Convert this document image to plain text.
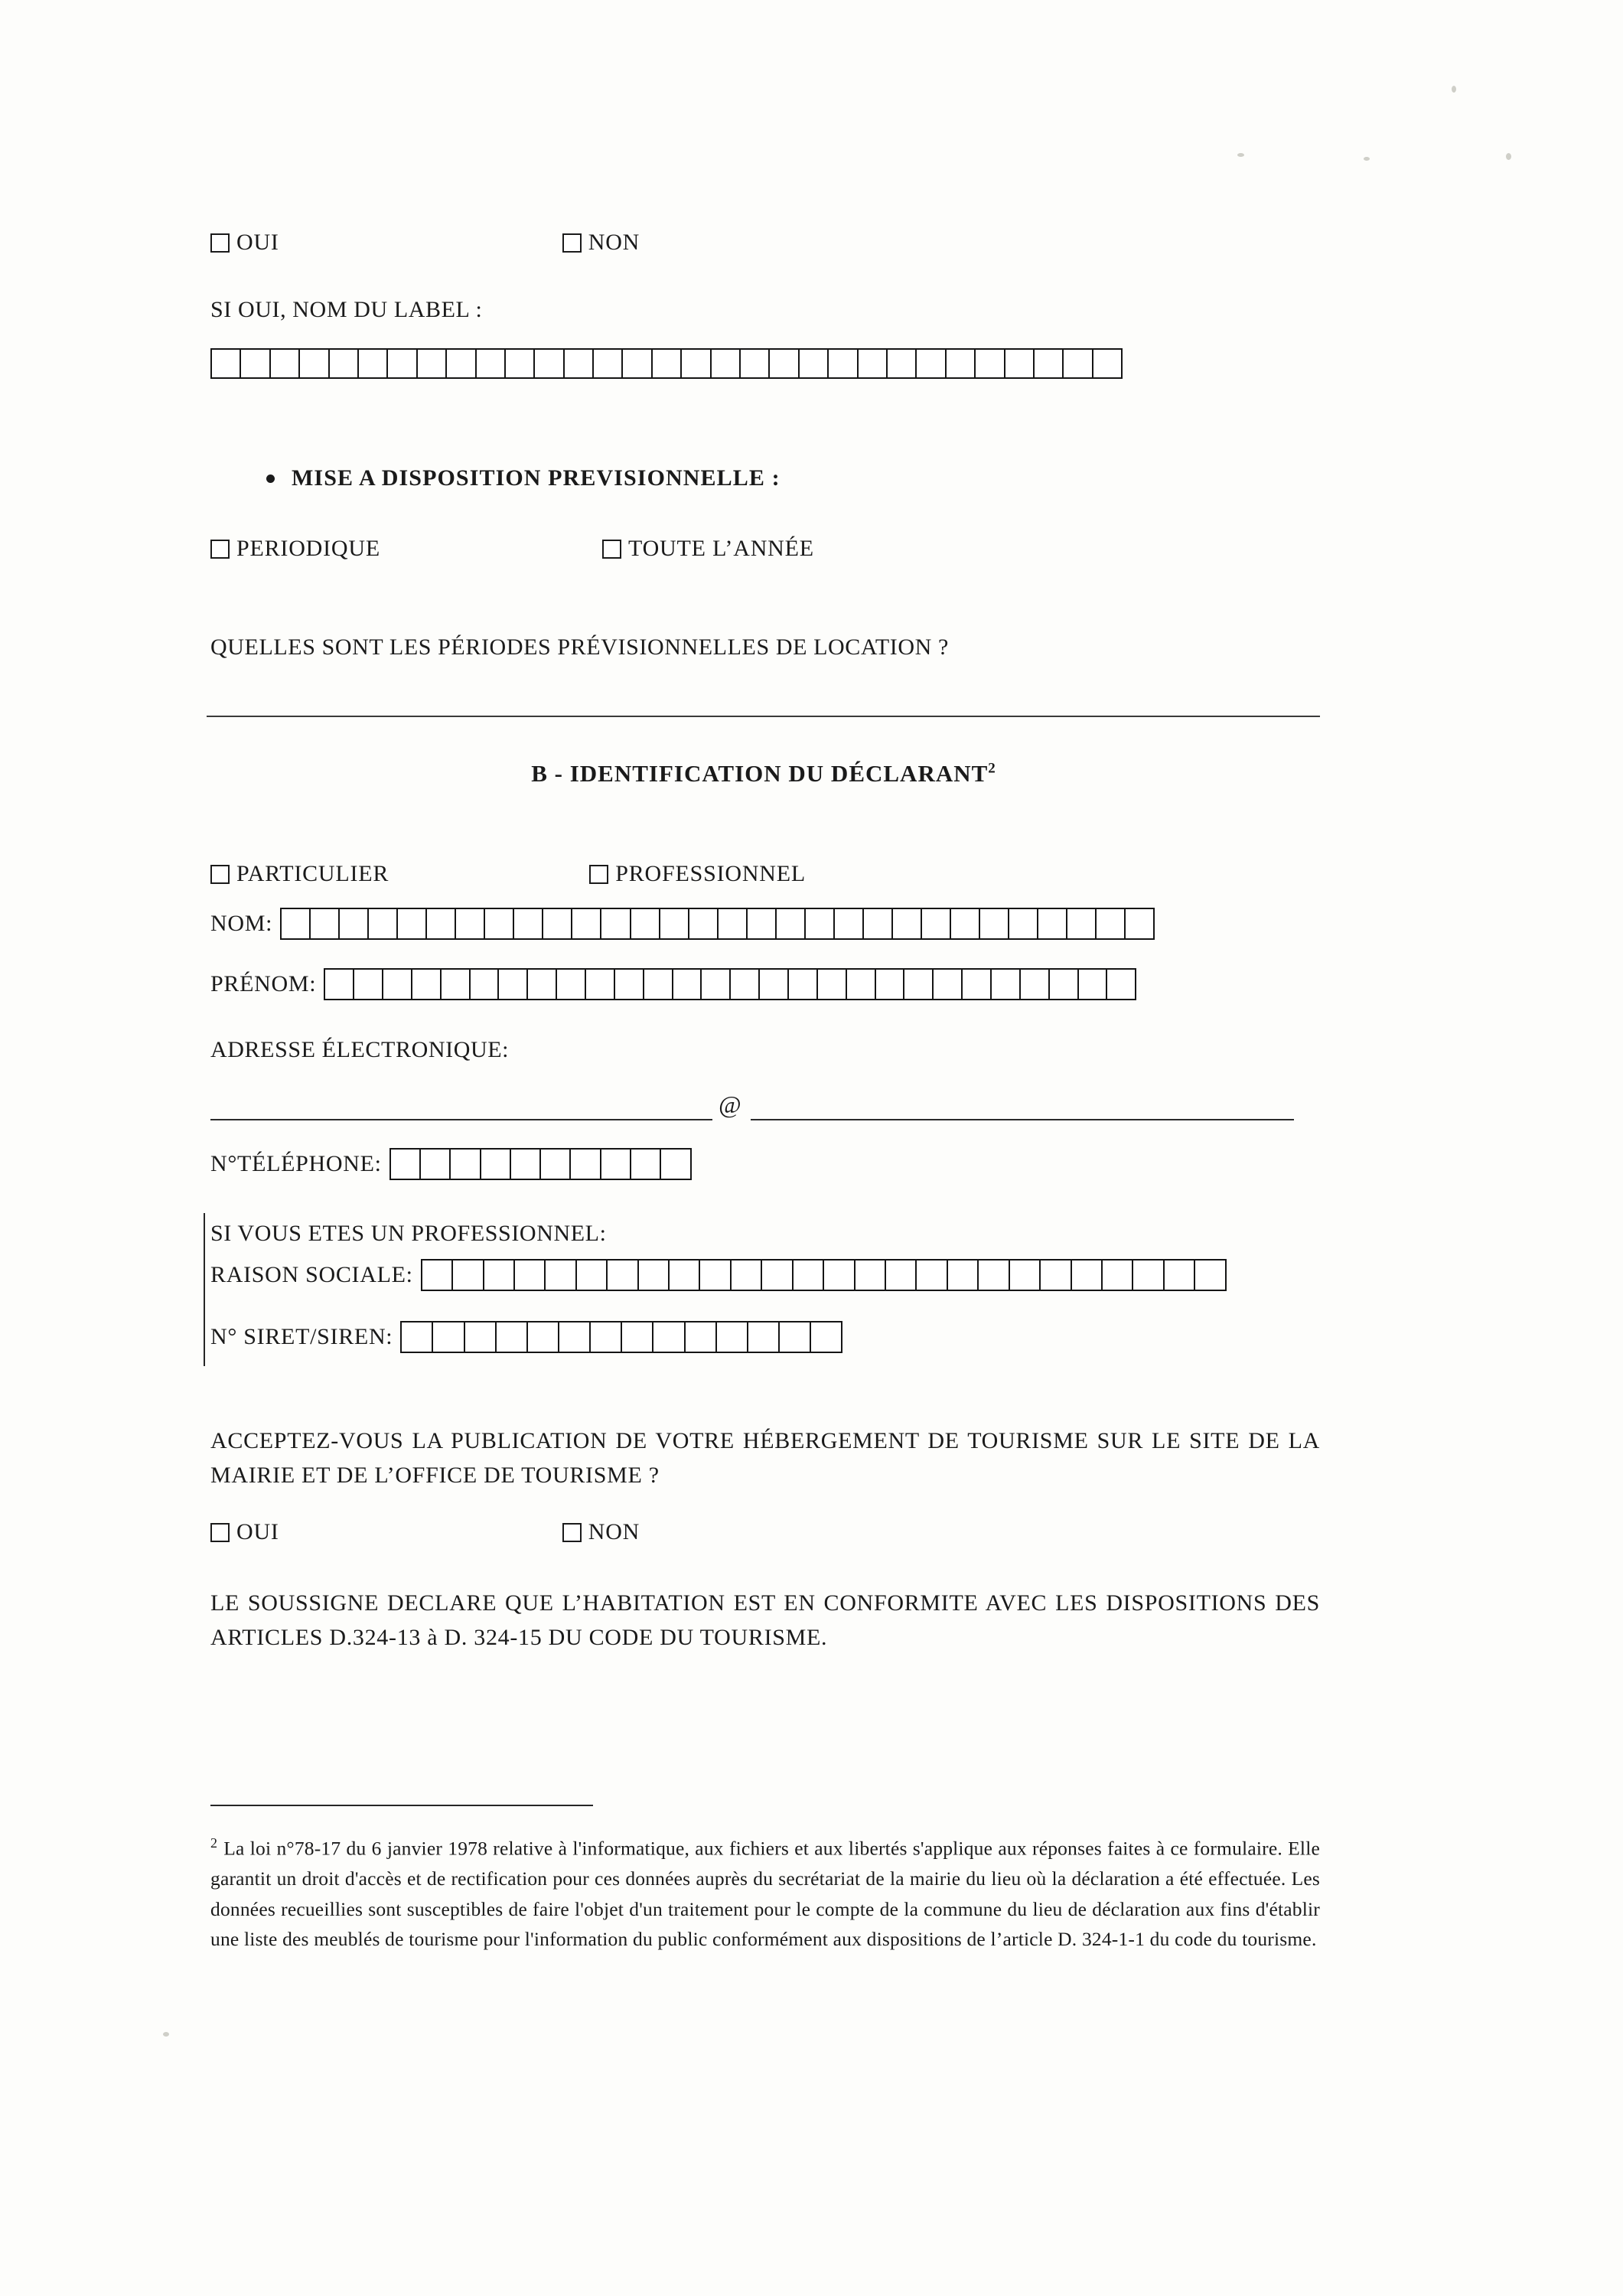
OUI	NON
SI OUI, NOM DU LABEL :
MISE A DISPOSITION PREVISIONNELLE :
PERIODIQUE	TOUTE L’ANNÉE
QUELLES SONT LES PÉRIODES PRÉVISIONNELLES DE LOCATION ?
B - IDENTIFICATION DU DÉCLARANT$^2$
PARTICULIER	PROFESSIONNEL
NOM:
PRÉNOM:
ADRESSE ÉLECTRONIQUE:
@
N°TÉLÉPHONE:
SI VOUS ETES UN PROFESSIONNEL:
RAISON SOCIALE:
N° SIRET/SIREN:
ACCEPTEZ-VOUS LA PUBLICATION DE VOTRE HÉBERGEMENT DE TOURISME SUR LE SITE DE LA MAIRIE ET DE L’OFFICE DE TOURISME ?
OUI	NON
LE SOUSSIGNE DECLARE QUE L’HABITATION EST EN CONFORMITE AVEC LES DISPOSITIONS DES ARTICLES D.324-13 à D. 324-15 DU CODE DU TOURISME.
$^2$ La loi n°78-17 du 6 janvier 1978 relative à l'informatique, aux fichiers et aux libertés s'applique aux réponses faites à ce formulaire. Elle garantit un droit d'accès et de rectification pour ces données auprès du secrétariat de la mairie du lieu où la déclaration a été effectuée. Les données recueillies sont susceptibles de faire l'objet d'un traitement pour le compte de la commune du lieu de déclaration aux fins d'établir une liste des meublés de tourisme pour l'information du public conformément aux dispositions de l’article D. 324-1-1 du code du tourisme.
